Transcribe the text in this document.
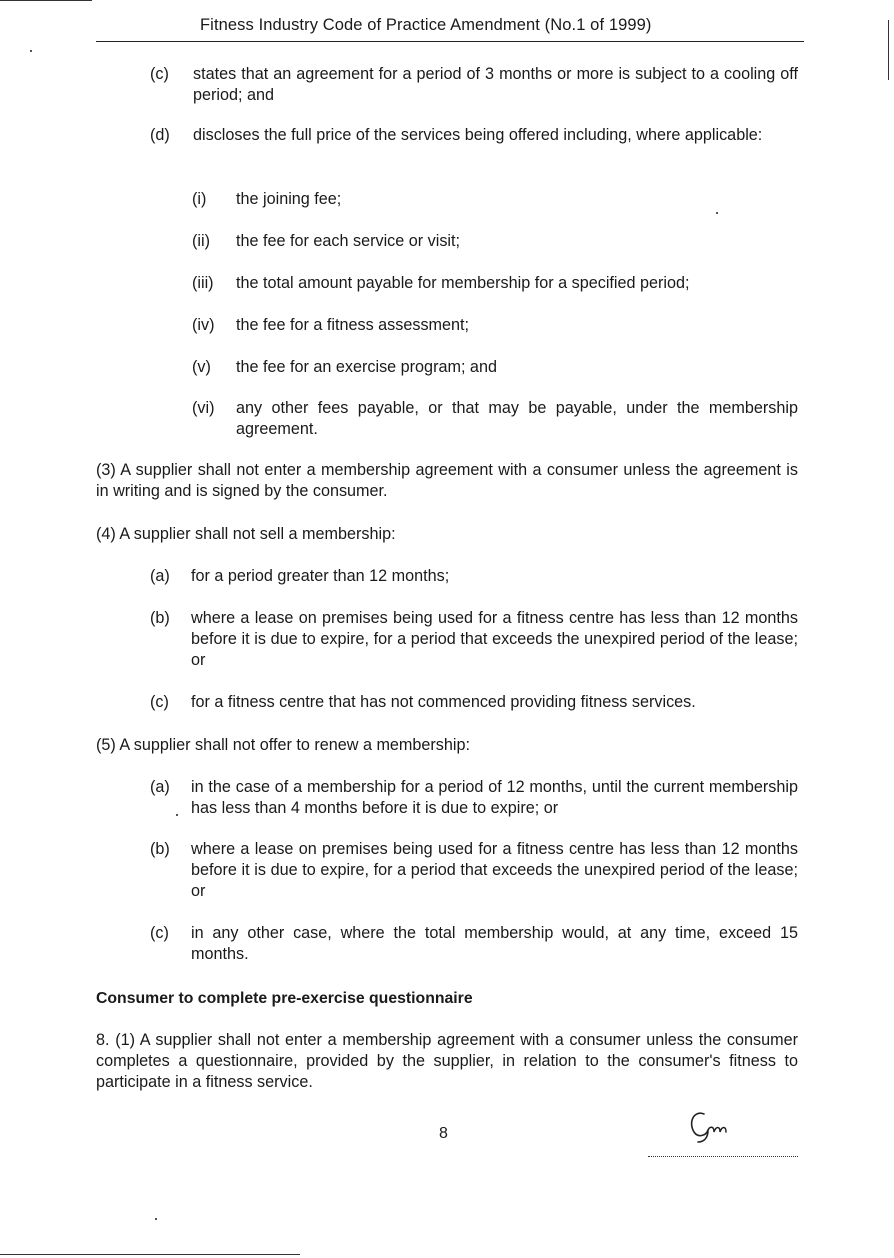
Fitness Industry Code of Practice Amendment (No.1 of 1999)
(c) states that an agreement for a period of 3 months or more is subject to a cooling off period; and
(d) discloses the full price of the services being offered including, where applicable:
(i) the joining fee;
(ii) the fee for each service or visit;
(iii) the total amount payable for membership for a specified period;
(iv) the fee for a fitness assessment;
(v) the fee for an exercise program; and
(vi) any other fees payable, or that may be payable, under the membership agreement.
(3) A supplier shall not enter a membership agreement with a consumer unless the agreement is in writing and is signed by the consumer.
(4) A supplier shall not sell a membership:
(a) for a period greater than 12 months;
(b) where a lease on premises being used for a fitness centre has less than 12 months before it is due to expire, for a period that exceeds the unexpired period of the lease; or
(c) for a fitness centre that has not commenced providing fitness services.
(5) A supplier shall not offer to renew a membership:
(a) in the case of a membership for a period of 12 months, until the current membership has less than 4 months before it is due to expire; or
(b) where a lease on premises being used for a fitness centre has less than 12 months before it is due to expire, for a period that exceeds the unexpired period of the lease; or
(c) in any other case, where the total membership would, at any time, exceed 15 months.
Consumer to complete pre-exercise questionnaire
8. (1) A supplier shall not enter a membership agreement with a consumer unless the consumer completes a questionnaire, provided by the supplier, in relation to the consumer's fitness to participate in a fitness service.
8
